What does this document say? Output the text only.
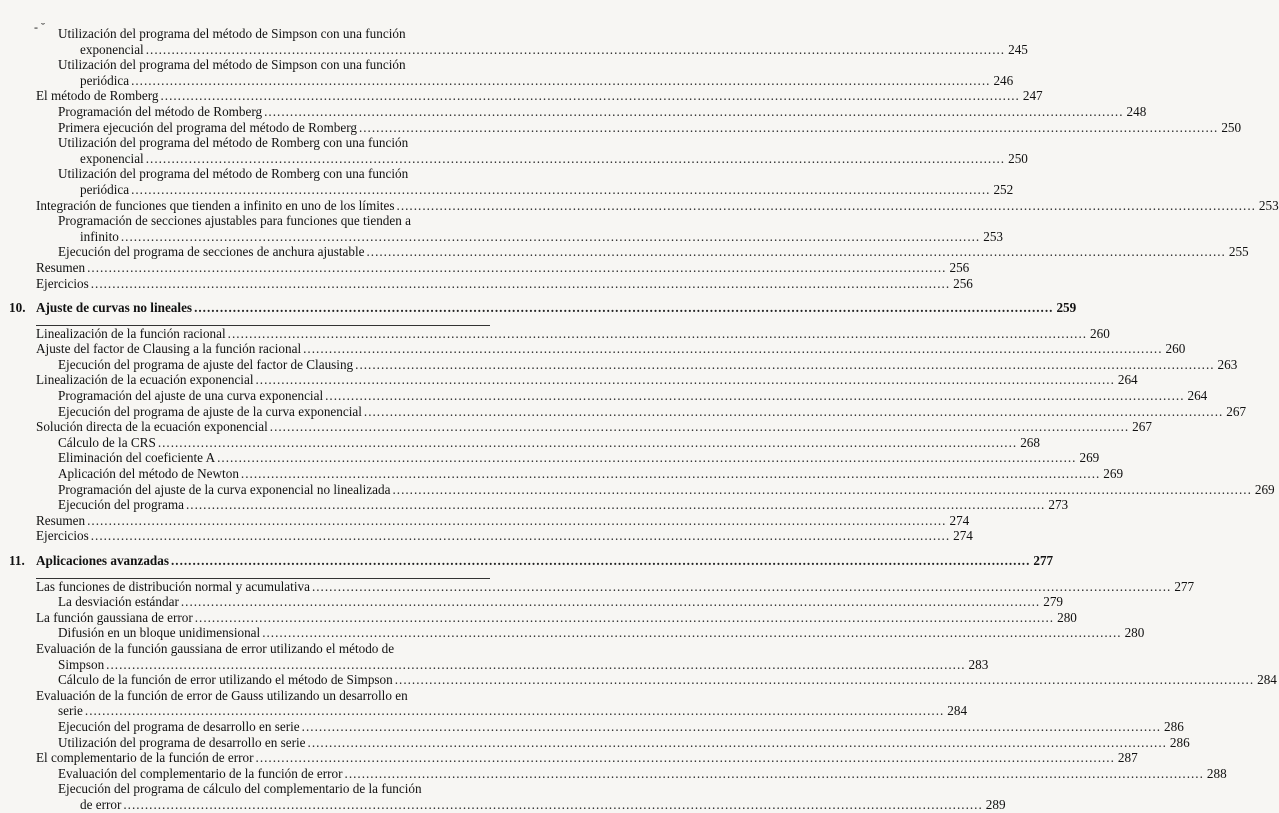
- ˘ Utilización del programa del método de Simpson con una función
exponencial ........................................................................................................................................................................................................ 245
Utilización del programa del método de Simpson con una función
periódica ........................................................................................................................................................................................................ 246
El método de Romberg ........................................................................................................................................................................................................ 247
Programación del método de Romberg ........................................................................................................................................................................................................ 248
Primera ejecución del programa del método de Romberg ........................................................................................................................................................................................................ 250
Utilización del programa del método de Romberg con una función
exponencial ........................................................................................................................................................................................................ 250
Utilización del programa del método de Romberg con una función
periódica ........................................................................................................................................................................................................ 252
Integración de funciones que tienden a infinito en uno de los límites ........................................................................................................................................................................................................ 253
Programación de secciones ajustables para funciones que tienden a
infinito ........................................................................................................................................................................................................ 253
Ejecución del programa de secciones de anchura ajustable ........................................................................................................................................................................................................ 255
Resumen ........................................................................................................................................................................................................ 256
Ejercicios ........................................................................................................................................................................................................ 256
10. Ajuste de curvas no lineales ........................................................................................................................................................................................................ 259
Linealización de la función racional ........................................................................................................................................................................................................ 260
Ajuste del factor de Clausing a la función racional ........................................................................................................................................................................................................ 260
Ejecución del programa de ajuste del factor de Clausing ........................................................................................................................................................................................................ 263
Linealización de la ecuación exponencial ........................................................................................................................................................................................................ 264
Programación del ajuste de una curva exponencial ........................................................................................................................................................................................................ 264
Ejecución del programa de ajuste de la curva exponencial ........................................................................................................................................................................................................ 267
Solución directa de la ecuación exponencial ........................................................................................................................................................................................................ 267
Cálculo de la CRS ........................................................................................................................................................................................................ 268
Eliminación del coeficiente A ........................................................................................................................................................................................................ 269
Aplicación del método de Newton ........................................................................................................................................................................................................ 269
Programación del ajuste de la curva exponencial no linealizada ........................................................................................................................................................................................................ 269
Ejecución del programa ........................................................................................................................................................................................................ 273
Resumen ........................................................................................................................................................................................................ 274
Ejercicios ........................................................................................................................................................................................................ 274
11. Aplicaciones avanzadas ........................................................................................................................................................................................................ 277
Las funciones de distribución normal y acumulativa ........................................................................................................................................................................................................ 277
La desviación estándar ........................................................................................................................................................................................................ 279
La función gaussiana de error ........................................................................................................................................................................................................ 280
Difusión en un bloque unidimensional ........................................................................................................................................................................................................ 280
Evaluación de la función gaussiana de error utilizando el método de
Simpson ........................................................................................................................................................................................................ 283
Cálculo de la función de error utilizando el método de Simpson ........................................................................................................................................................................................................ 284
Evaluación de la función de error de Gauss utilizando un desarrollo en
serie ........................................................................................................................................................................................................ 284
Ejecución del programa de desarrollo en serie ........................................................................................................................................................................................................ 286
Utilización del programa de desarrollo en serie ........................................................................................................................................................................................................ 286
El complementario de la función de error ........................................................................................................................................................................................................ 287
Evaluación del complementario de la función de error ........................................................................................................................................................................................................ 288
Ejecución del programa de cálculo del complementario de la función
de error ........................................................................................................................................................................................................ 289
